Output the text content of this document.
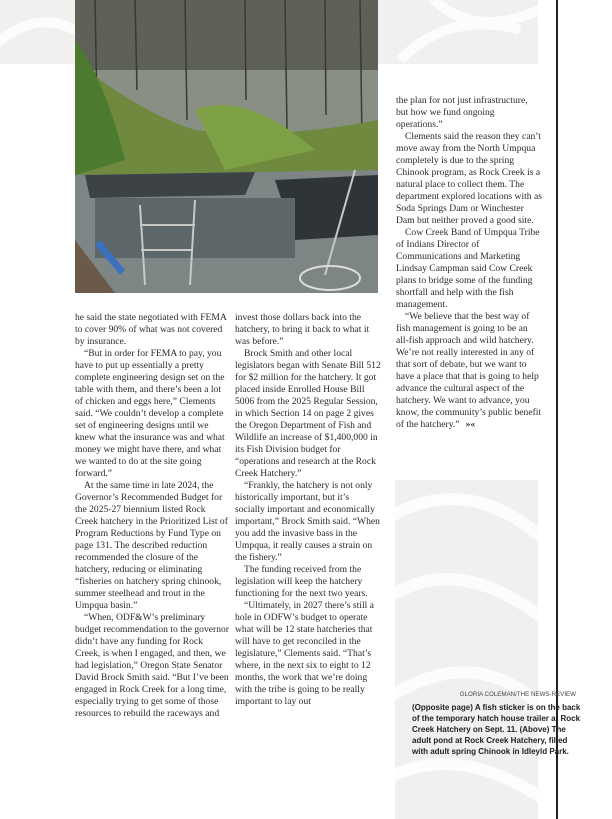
he said the state negotiated with FEMA to cover 90% of what was not covered by insurance.

“But in order for FEMA to pay, you have to put up essentially a pretty complete engineering design set on the table with them, and there’s been a lot of chicken and eggs here,” Clements said. “We couldn’t develop a complete set of engineering designs until we knew what the insurance was and what money we might have there, and what we wanted to do at the site going forward.”

At the same time in late 2024, the Governor’s Recommended Budget for the 2025-27 biennium listed Rock Creek hatchery in the Prioritized List of Program Reductions by Fund Type on page 131. The described reduction recommended the closure of the hatchery, reducing or eliminating “fisheries on hatchery spring chinook, summer steelhead and trout in the Umpqua basin.”

“When, ODF&W’s preliminary budget recommendation to the governor didn’t have any funding for Rock Creek, is when I engaged, and then, we had legislation,” Oregon State Senator David Brock Smith said. “But I’ve been engaged in Rock Creek for a long time, especially trying to get some of those resources to rebuild the raceways and

invest those dollars back into the hatchery, to bring it back to what it was before.”

Brock Smith and other local legislators began with Senate Bill 512 for $2 million for the hatchery. It got placed inside Enrolled House Bill 5006 from the 2025 Regular Session, in which Section 14 on page 2 gives the Oregon Department of Fish and Wildlife an increase of $1,400,000 in its Fish Division budget for “operations and research at the Rock Creek Hatchery.”

“Frankly, the hatchery is not only historically important, but it’s socially important and economically important,” Brock Smith said. “When you add the invasive bass in the Umpqua, it really causes a strain on the fishery.”

The funding received from the legislation will keep the hatchery functioning for the next two years.

“Ultimately, in 2027 there’s still a hole in ODFW’s budget to operate what will be 12 state hatcheries that will have to get reconciled in the legislature,” Clements said. “That’s where, in the next six to eight to 12 months, the work that we’re doing with the tribe is going to be really important to lay out

the plan for not just infrastructure, but how we fund ongoing operations.”

Clements said the reason they can’t move away from the North Umpqua completely is due to the spring Chinook program, as Rock Creek is a natural place to collect them. The department explored locations with as Soda Springs Dam or Winchester Dam but neither proved a good site.

Cow Creek Band of Umpqua Tribe of Indians Director of Communications and Marketing Lindsay Campman said Cow Creek plans to bridge some of the funding shortfall and help with the fish management.

“We believe that the best way of fish management is going to be an all-fish approach and wild hatchery. We’re not really interested in any of that sort of debate, but we want to have a place that that is going to help advance the cultural aspect of the hatchery. We want to advance, you know, the community’s public benefit of the hatchery.” »«

GLORIA COLEMAN/THE NEWS-REVIEW
(Opposite page) A fish sticker is on the back of the temporary hatch house trailer at Rock Creek Hatchery on Sept. 11. (Above) The adult pond at Rock Creek Hatchery, filled with adult spring Chinook in Idleyld Park.
